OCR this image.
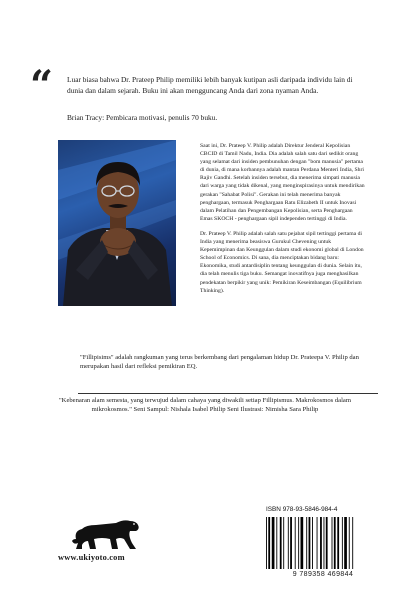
“ Luar biasa bahwa Dr. Prateep Philip memiliki lebih banyak kutipan asli daripada individu lain di dunia dan dalam sejarah. Buku ini akan mengguncang Anda dari zona nyaman Anda.
Brian Tracy: Pembicara motivasi, penulis 70 buku.

Saat ini, Dr. Prateep V. Philip adalah Direktur Jenderal Kepolisian CBCID di Tamil Nadu, India. Dia adalah salah satu dari sedikit orang yang selamat dari insiden pembunuhan dengan "bom manusia" pertama di dunia, di mana korbannya adalah mantan Perdana Menteri India, Shri Rajiv Gandhi. Setelah insiden tersebut, dia menerima simpati manusia dari warga yang tidak dikenal, yang menginspirasinya untuk mendirikan gerakan "Sahabat Polisi". Gerakan ini telah menerima banyak penghargaan, termasuk Penghargaan Ratu Elizabeth II untuk Inovasi dalam Pelatihan dan Pengembangan Kepolisian, serta Penghargaan Emas SKOCH - penghargaan sipil independen tertinggi di India.

Dr. Prateep V. Philip adalah salah satu pejabat sipil tertinggi pertama di India yang menerima beasiswa Gurukul Chevening untuk Kepemimpinan dan Keunggulan dalam studi ekonomi global di London School of Economics. Di sana, dia menciptakan bidang baru: Ekonomika, studi antardisiplin tentang keunggulan di dunia. Selain itu, dia telah menulis tiga buku. Semangat inovatifnya juga menghasilkan pendekatan berpikir yang unik: Pemikiran Keseimbangan (Equilibrium Thinking).

"Fillipisims" adalah rangkuman yang terus berkembang dari pengalaman hidup Dr. Prateepa V. Philip dan merupakan hasil dari refleksi pemikiran EQ.
"Kebenaran alam semesta, yang terwujud dalam cahaya yang diwakili setiap Fillipismus. Makrokosmos dalam mikrokosmos." Seni Sampul: Nishala Isabel Philip Seni Ilustrasi: Nimisha Sara Philip
www.ukiyoto.com
ISBN 978-93-5846-984-4
9 789358 469844
